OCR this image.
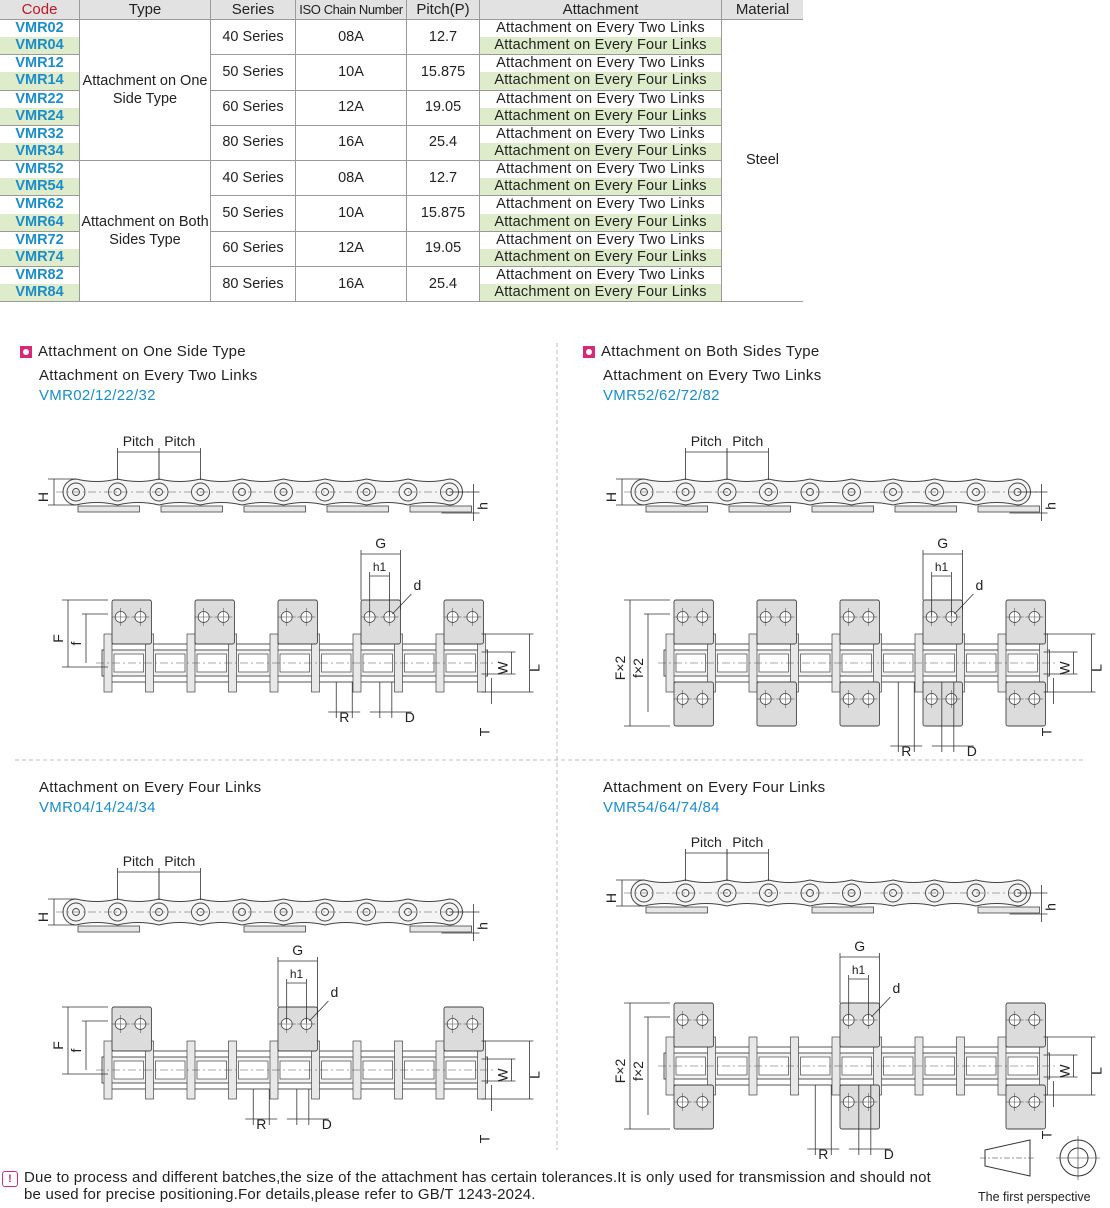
Code	Type	Series	ISO Chain Number	Pitch(P)	Attachment	Material
VMR02	Attachment on One Side Type	40 Series	08A	12.7	Attachment on Every Two Links	Steel
VMR04					Attachment on Every Four Links	
VMR12		50 Series	10A	15.875	Attachment on Every Two Links	
VMR14					Attachment on Every Four Links	
VMR22		60 Series	12A	19.05	Attachment on Every Two Links	
VMR24					Attachment on Every Four Links	
VMR32		80 Series	16A	25.4	Attachment on Every Two Links	
VMR34					Attachment on Every Four Links	
VMR52	Attachment on Both Sides Type	40 Series	08A	12.7	Attachment on Every Two Links	
VMR54					Attachment on Every Four Links	
VMR62		50 Series	10A	15.875	Attachment on Every Two Links	
VMR64					Attachment on Every Four Links	
VMR72		60 Series	12A	19.05	Attachment on Every Two Links	
VMR74					Attachment on Every Four Links	
VMR82		80 Series	16A	25.4	Attachment on Every Two Links	
VMR84					Attachment on Every Four Links	
Attachment on One Side Type
Attachment on Every Two Links
VMR02/12/22/32
Attachment on Both Sides Type
Attachment on Every Two Links
VMR52/62/72/82
Attachment on Every Four Links
VMR04/14/24/34
Attachment on Every Four Links
VMR54/64/74/84
Pitch Pitch
H
h
G
h1
d
F
f
W L
T
R	D
Pitch Pitch
H
h
G
h1
d
F×2 f×2	W L
T
R	D
Pitch Pitch
H
h
G
h1
d
F
f
W L
T
R	D
Pitch Pitch
H
h
G
h1
d
F×2 f×2	W L
T
R	D
! Due to process and different batches,the size of the attachment has certain tolerances.It is only used for transmission and should not be used for precise positioning.For details,please refer to GB/T 1243-2024.	The first perspective
